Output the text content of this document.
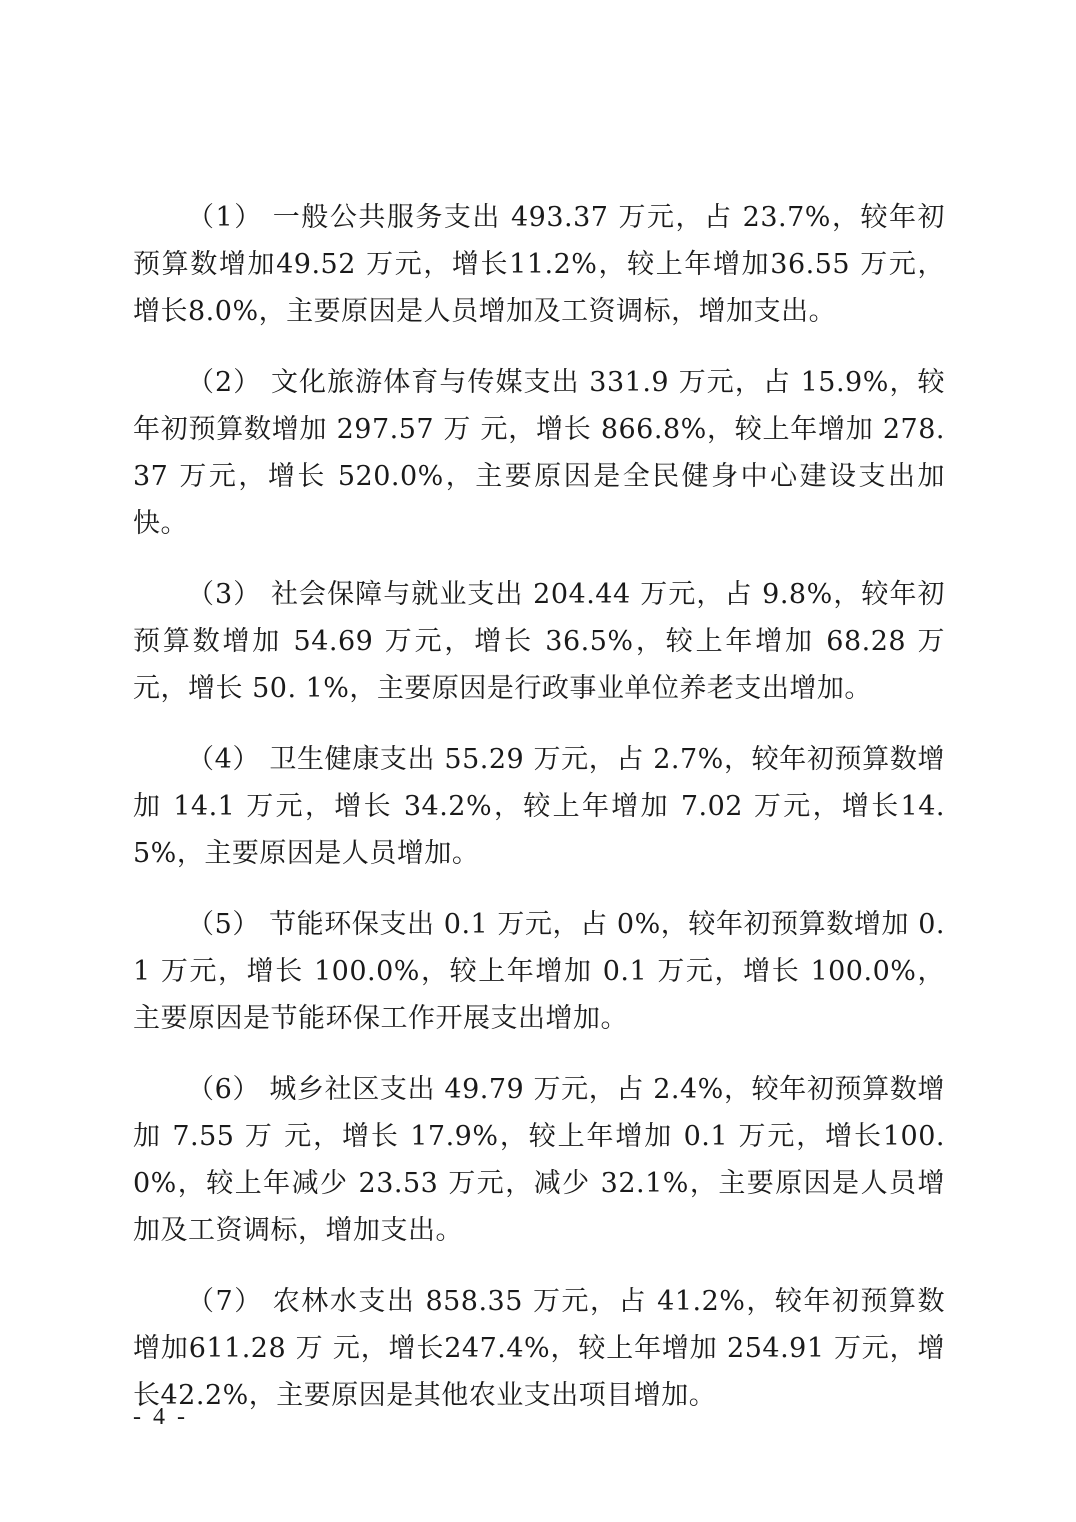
（1） 一般公共服务支出 493.37 万元，占 23.7%，较年初预算数增加49.52 万元，增长11.2%，较上年增加36.55 万元，增长8.0%，主要原因是人员增加及工资调标，增加支出。

（2） 文化旅游体育与传媒支出 331.9 万元，占 15.9%，较年初预算数增加 297.57 万 元，增长 866.8%，较上年增加 278.37 万元，增长 520.0%，主要原因是全民健身中心建设支出加快。

（3） 社会保障与就业支出 204.44 万元，占 9.8%，较年初预算数增加 54.69 万元，增长 36.5%，较上年增加 68.28 万元，增长 50. 1%，主要原因是行政事业单位养老支出增加。

（4） 卫生健康支出 55.29 万元，占 2.7%，较年初预算数增加 14.1 万元，增长 34.2%，较上年增加 7.02 万元，增长14.5%，主要原因是人员增加。

（5） 节能环保支出 0.1 万元，占 0%，较年初预算数增加 0.1 万元，增长 100.0%，较上年增加 0.1 万元，增长 100.0%，主要原因是节能环保工作开展支出增加。

（6） 城乡社区支出 49.79 万元，占 2.4%，较年初预算数增加 7.55 万 元，增长 17.9%，较上年增加 0.1 万元，增长100.0%，较上年减少 23.53 万元，减少 32.1%，主要原因是人员增加及工资调标，增加支出。

（7） 农林水支出 858.35 万元，占 41.2%，较年初预算数增加611.28 万 元，增长247.4%，较上年增加 254.91 万元，增长42.2%，主要原因是其他农业支出项目增加。

- 4 -
